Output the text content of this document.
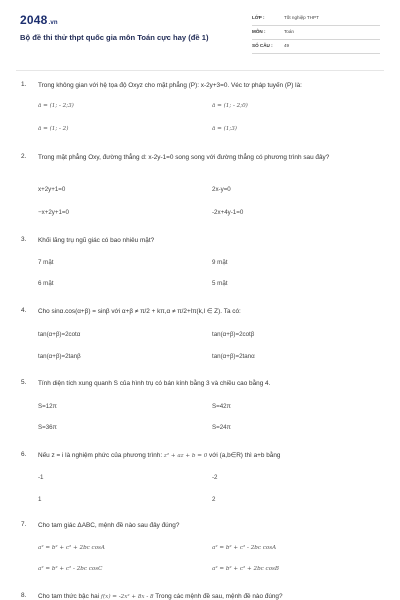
2048.vn
Bộ đề thi thử thpt quốc gia môn Toán cực hay (đề 1)
LỚP :	Tốt nghiệp THPT
MÔN :	Toán
SỐ CÂU : 49
1. Trong không gian với hệ tọa độ Oxyz cho mặt phẳng (P): x-2y+3=0. Véc tơ pháp tuyến (P) là:
ā = (1; - 2;3)	ā = (1; - 2;0)
ā = (1; - 2)	ā = (1;3)
2. Trong mặt phẳng Oxy, đường thẳng d: x-2y-1=0 song song với đường thẳng có phương trình sau đây?
x+2y+1=0	2x-y=0
−x+2y+1=0	-2x+4y-1=0
3. Khối lăng trụ ngũ giác có bao nhiêu mặt?
7 mặt	9 mặt
6 mặt	5 mặt
4. Cho sinα.cos(α+β) = sinβ với α+β ≠ π/2 + kπ,α ≠ π/2+lπ(k,l ∈ Z). Ta có:
tan(α+β)=2cotα	tan(α+β)=2cotβ
tan(α+β)=2tanβ	tan(α+β)=2tanα
5. Tính diện tích xung quanh S của hình trụ có bán kính bằng 3 và chiều cao bằng 4.
S=12π	S=42π
S=36π	S=24π
6. Nếu z = i là nghiệm phức của phương trình: z² + az + b = 0 với (a,b∈R) thì a+b bằng
-1	-2
1	2
7. Cho tam giác ΔABC, mệnh đề nào sau đây đúng?
a² = b² + c² + 2bc cosA	a² = b² + c² - 2bc cosA
a² = b² + c² - 2bc cosC	a² = b² + c² + 2bc cosB
8. Cho tam thức bậc hai f(x) = -2x² + 8x - 8 Trong các mệnh đề sau, mệnh đề nào đúng?
